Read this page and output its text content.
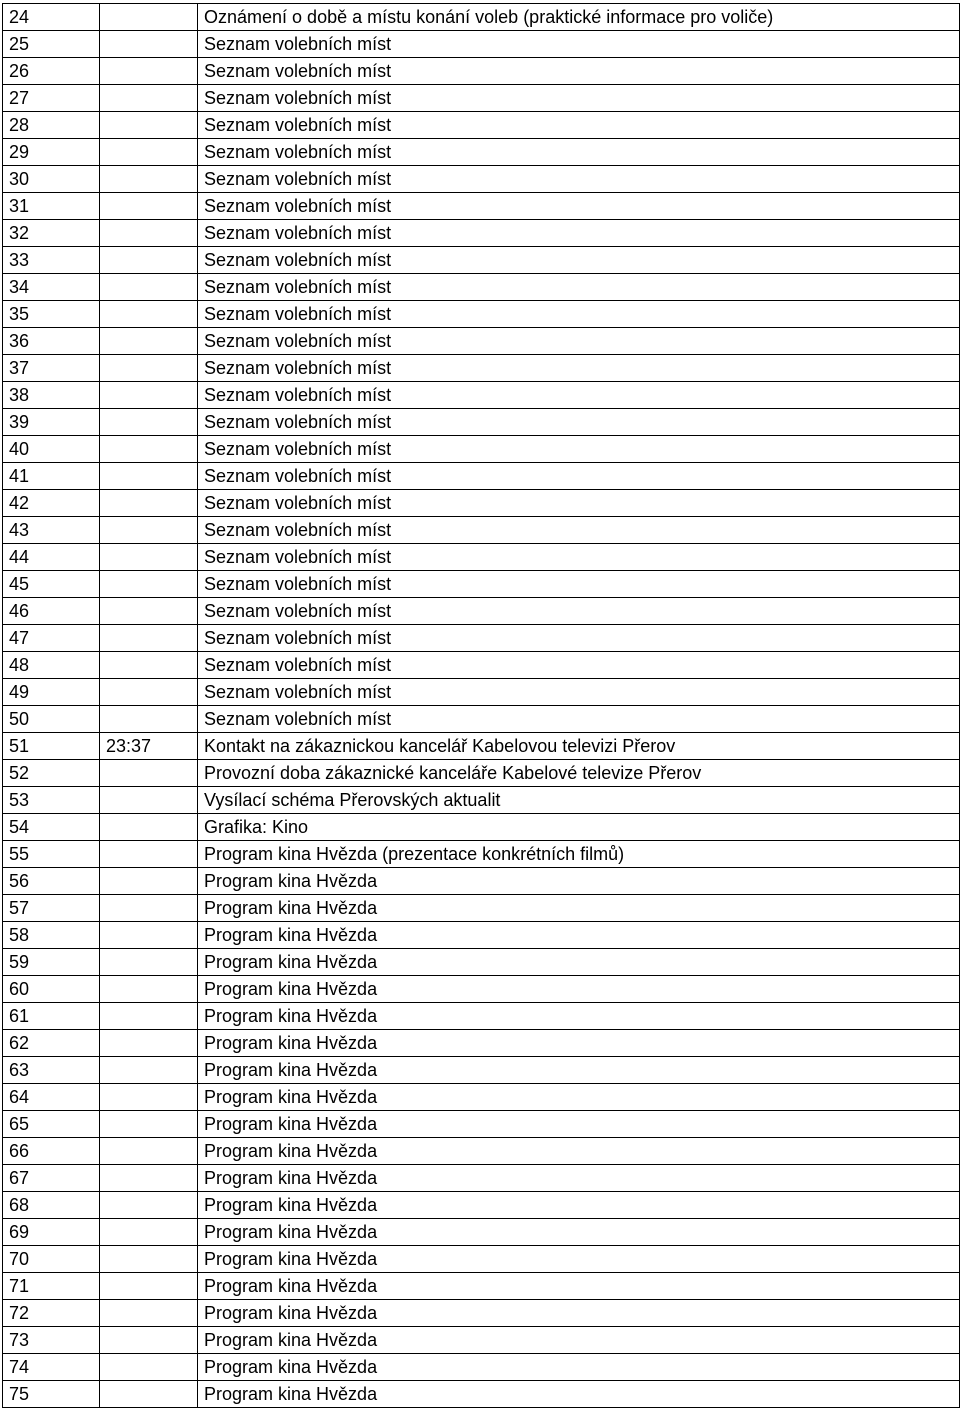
24		Oznámení o době a místu konání voleb (praktické informace pro voliče)
25		Seznam volebních míst
26		Seznam volebních míst
27		Seznam volebních míst
28		Seznam volebních míst
29		Seznam volebních míst
30		Seznam volebních míst
31		Seznam volebních míst
32		Seznam volebních míst
33		Seznam volebních míst
34		Seznam volebních míst
35		Seznam volebních míst
36		Seznam volebních míst
37		Seznam volebních míst
38		Seznam volebních míst
39		Seznam volebních míst
40		Seznam volebních míst
41		Seznam volebních míst
42		Seznam volebních míst
43		Seznam volebních míst
44		Seznam volebních míst
45		Seznam volebních míst
46		Seznam volebních míst
47		Seznam volebních míst
48		Seznam volebních míst
49		Seznam volebních míst
50		Seznam volebních míst
51	23:37	Kontakt na zákaznickou kancelář Kabelovou televizi Přerov
52		Provozní doba zákaznické kanceláře Kabelové televize Přerov
53		Vysílací schéma Přerovských aktualit
54		Grafika: Kino
55		Program kina Hvězda (prezentace konkrétních filmů)
56		Program kina Hvězda
57		Program kina Hvězda
58		Program kina Hvězda
59		Program kina Hvězda
60		Program kina Hvězda
61		Program kina Hvězda
62		Program kina Hvězda
63		Program kina Hvězda
64		Program kina Hvězda
65		Program kina Hvězda
66		Program kina Hvězda
67		Program kina Hvězda
68		Program kina Hvězda
69		Program kina Hvězda
70		Program kina Hvězda
71		Program kina Hvězda
72		Program kina Hvězda
73		Program kina Hvězda
74		Program kina Hvězda
75		Program kina Hvězda
